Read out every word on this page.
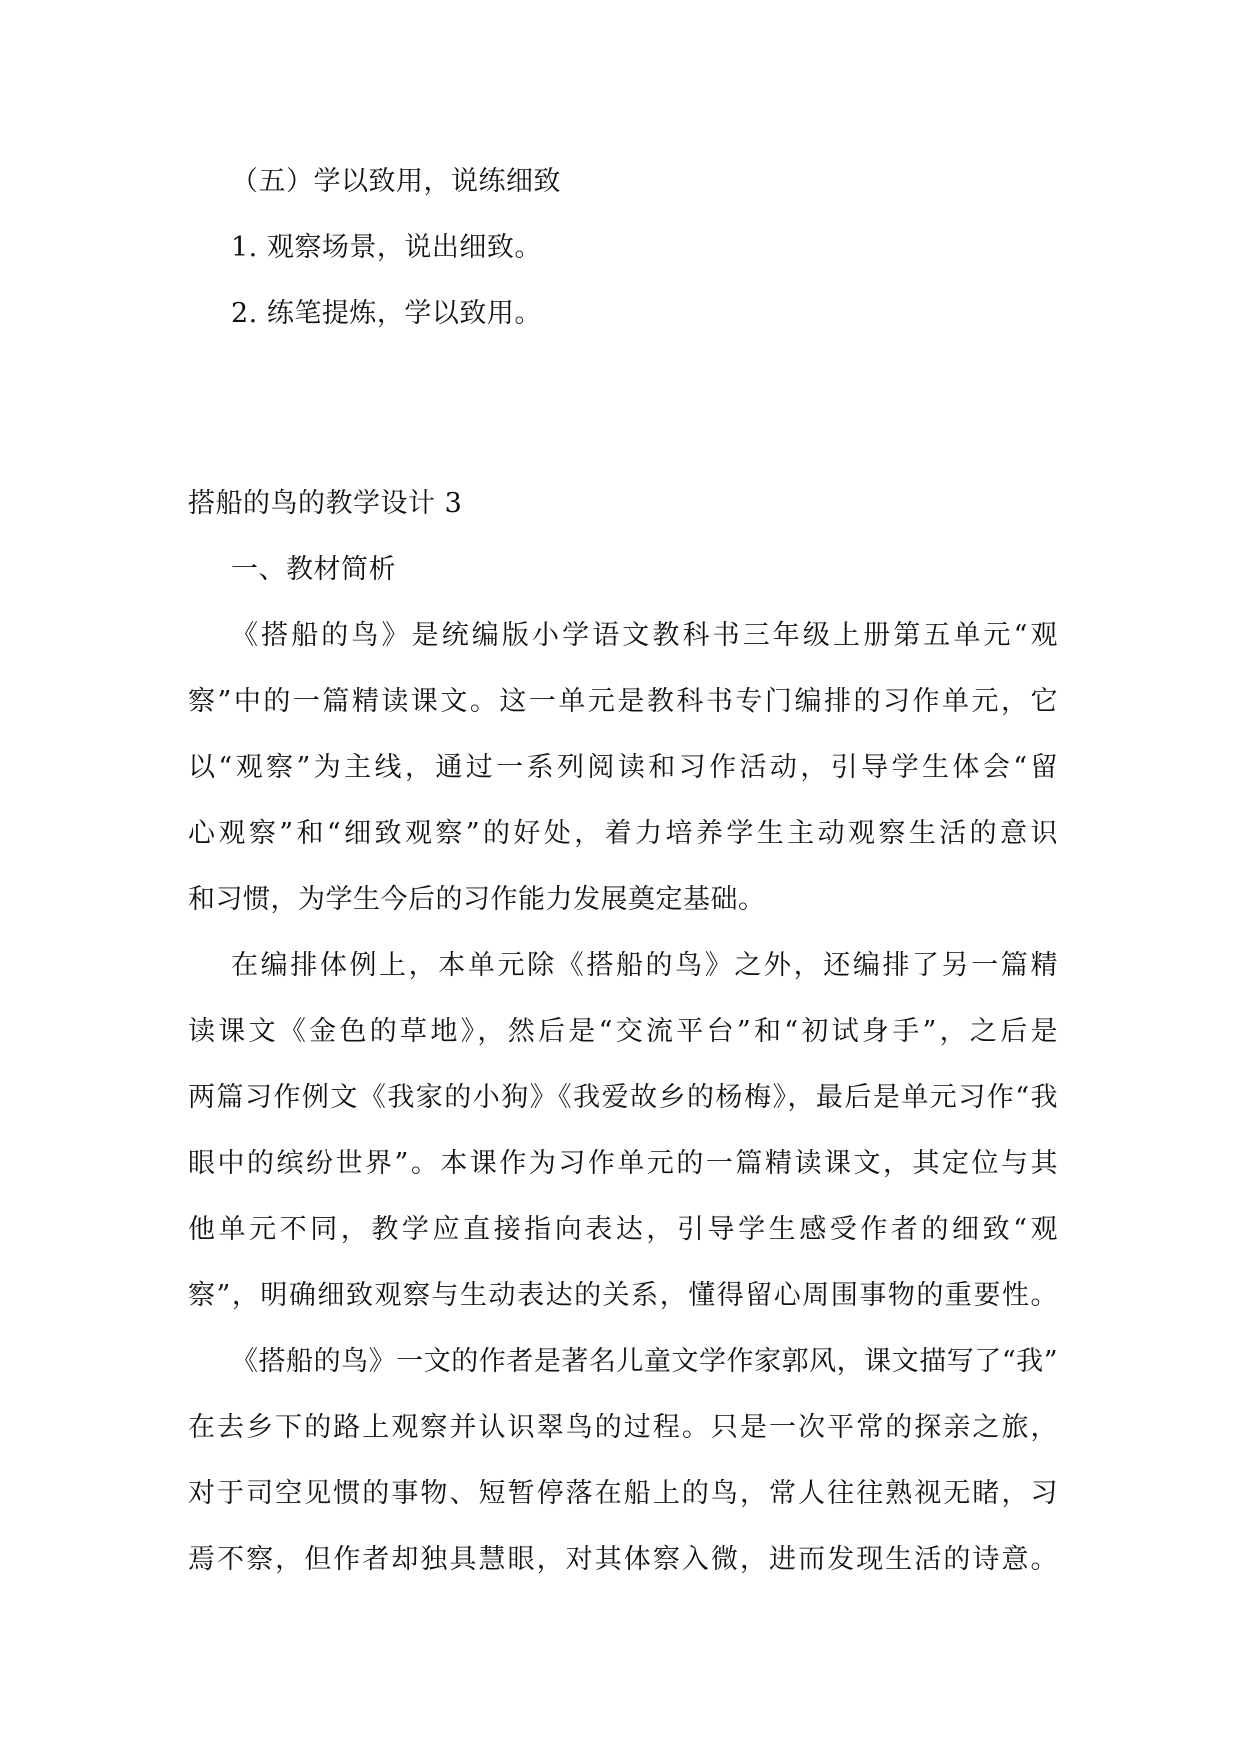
（五）学以致用，说练细致
1. 观察场景，说出细致。
2. 练笔提炼，学以致用。
搭船的鸟的教学设计 3
一、教材简析
《搭船的鸟》是统编版小学语文教科书三年级上册第五单元“观
察”中的一篇精读课文。这一单元是教科书专门编排的习作单元，它
以“观察”为主线，通过一系列阅读和习作活动，引导学生体会“留
心观察”和“细致观察”的好处，着力培养学生主动观察生活的意识
和习惯，为学生今后的习作能力发展奠定基础。
在编排体例上，本单元除《搭船的鸟》之外，还编排了另一篇精
读课文《金色的草地》，然后是“交流平台”和“初试身手”，之后是
两篇习作例文《我家的小狗》《我爱故乡的杨梅》，最后是单元习作“我
眼中的缤纷世界”。本课作为习作单元的一篇精读课文，其定位与其
他单元不同，教学应直接指向表达，引导学生感受作者的细致“观
察”，明确细致观察与生动表达的关系，懂得留心周围事物的重要性。
《搭船的鸟》一文的作者是著名儿童文学作家郭风，课文描写了“我”
在去乡下的路上观察并认识翠鸟的过程。只是一次平常的探亲之旅，
对于司空见惯的事物、短暂停落在船上的鸟，常人往往熟视无睹，习
焉不察，但作者却独具慧眼，对其体察入微，进而发现生活的诗意。
